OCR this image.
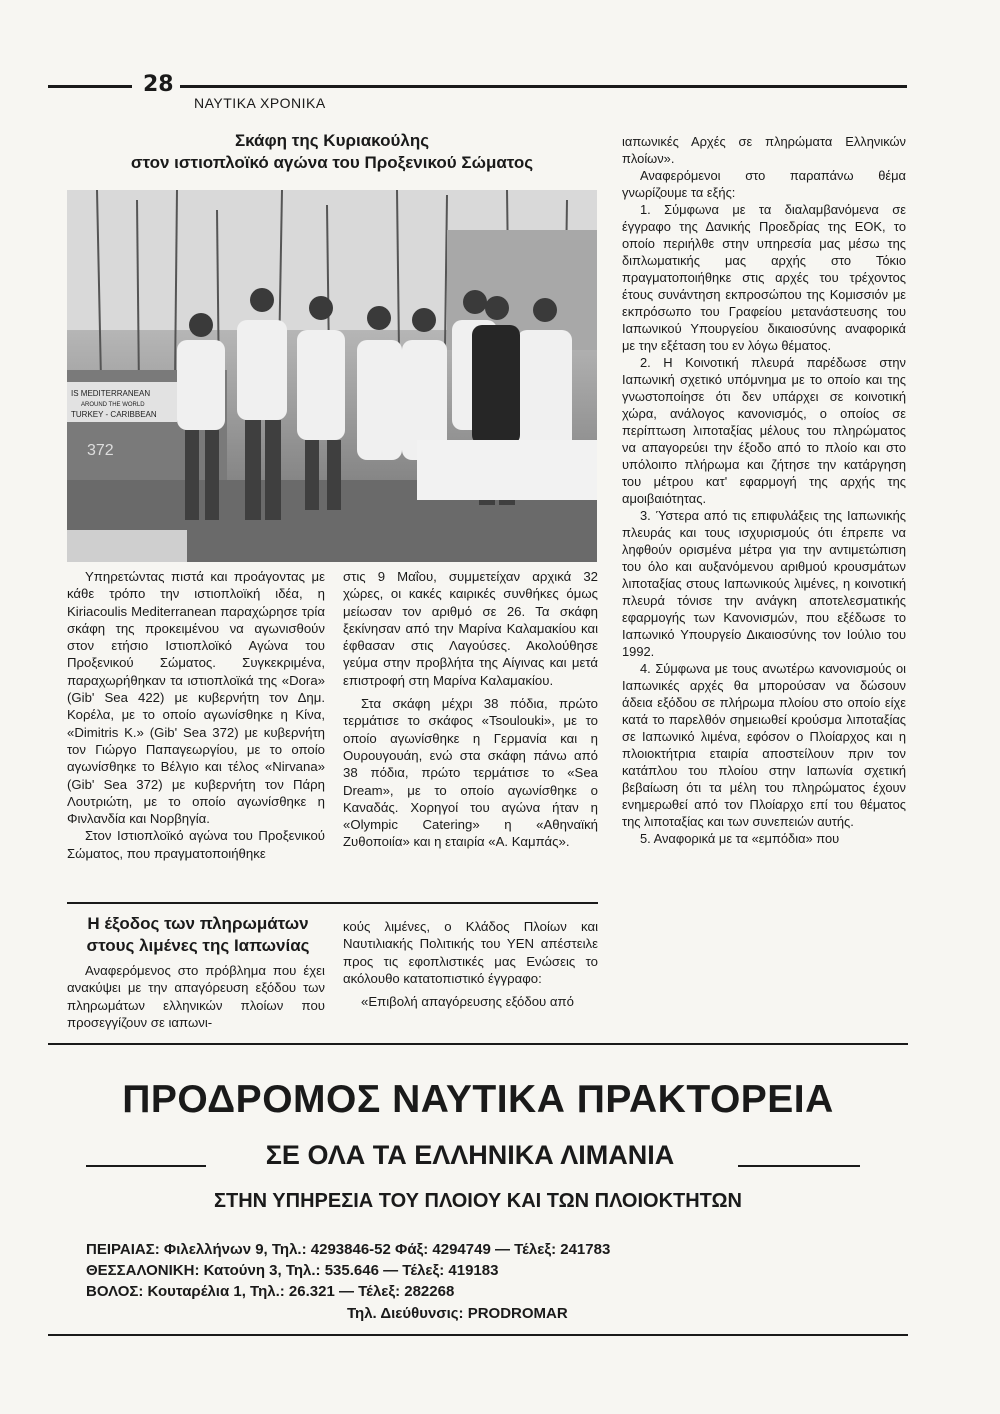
28
ΝΑΥΤΙΚΑ ΧΡΟΝΙΚΑ
Σκάφη της Κυριακούλης
στον ιστιοπλοϊκό αγώνα του Προξενικού Σώματος
IS MEDITERRANEAN
AROUND THE WORLD
TURKEY - CARIBBEAN
372

Υπηρετώντας πιστά και προάγοντας με κάθε τρόπο την ιστιοπλοϊκή ιδέα, η Kiriacoulis Mediterranean παραχώρησε τρία σκάφη της προκειμένου να αγωνισθούν στον ετήσιο Ιστιοπλοϊκό Αγώνα του Προξενικού Σώματος. Συγκεκριμένα, παραχωρήθηκαν τα ιστιοπλοϊκά της «Dora» (Gib' Sea 422) με κυβερνήτη τον Δημ. Κορέλα, με το οποίο αγωνίσθηκε η Κίνα, «Dimitris K.» (Gib' Sea 372) με κυβερνήτη τον Γιώργο Παπαγεωργίου, με το οποίο αγωνίσθηκε το Βέλγιο και τέλος «Nirvana» (Gib' Sea 372) με κυβερνήτη τον Πάρη Λουτριώτη, με το οποίο αγωνίσθηκε η Φινλανδία και Νορβηγία.

Στον Ιστιοπλοϊκό αγώνα του Προξενικού Σώματος, που πραγματοποιήθηκε

στις 9 Μαΐου, συμμετείχαν αρχικά 32 χώρες, οι κακές καιρικές συνθήκες όμως μείωσαν τον αριθμό σε 26. Τα σκάφη ξεκίνησαν από την Μαρίνα Καλαμακίου και έφθασαν στις Λαγούσες. Ακολούθησε γεύμα στην προβλήτα της Αίγινας και μετά επιστροφή στη Μαρίνα Καλαμακίου.

Στα σκάφη μέχρι 38 πόδια, πρώτο τερμάτισε το σκάφος «Tsoulouki», με το οποίο αγωνίσθηκε η Γερμανία και η Ουρουγουάη, ενώ στα σκάφη πάνω από 38 πόδια, πρώτο τερμάτισε το «Sea Dream», με το οποίο αγωνίσθηκε ο Καναδάς. Χορηγοί του αγώνα ήταν η «Olympic Catering» η «Αθηναϊκή Ζυθοποιία» και η εταιρία «Α. Καμπάς».

Η έξοδος των πληρωμάτων
στους λιμένες της Ιαπωνίας

Αναφερόμενος στο πρόβλημα που έχει ανακύψει με την απαγόρευση εξόδου των πληρωμάτων ελληνικών πλοίων που προσεγγίζουν σε ιαπωνι-

κούς λιμένες, ο Κλάδος Πλοίων και Ναυτιλιακής Πολιτικής του ΥΕΝ απέστειλε προς τις εφοπλιστικές μας Ενώσεις το ακόλουθο κατατοπιστικό έγγραφο:

«Επιβολή απαγόρευσης εξόδου από

ιαπωνικές Αρχές σε πληρώματα Ελληνικών πλοίων».

Αναφερόμενοι στο παραπάνω θέμα γνωρίζουμε τα εξής:

1. Σύμφωνα με τα διαλαμβανόμενα σε έγγραφο της Δανικής Προεδρίας της ΕΟΚ, το οποίο περιήλθε στην υπηρεσία μας μέσω της διπλωματικής μας αρχής στο Τόκιο πραγματοποιήθηκε στις αρχές του τρέχοντος έτους συνάντηση εκπροσώπου της Κομισσιόν με εκπρόσωπο του Γραφείου μετανάστευσης του Ιαπωνικού Υπουργείου δικαιοσύνης αναφορικά με την εξέταση του εν λόγω θέματος.

2. Η Κοινοτική πλευρά παρέδωσε στην Ιαπωνική σχετικό υπόμνημα με το οποίο και της γνωστοποίησε ότι δεν υπάρχει σε κοινοτική χώρα, ανάλογος κανονισμός, ο οποίος σε περίπτωση λιποταξίας μέλους του πληρώματος να απαγορεύει την έξοδο από το πλοίο και στο υπόλοιπο πλήρωμα και ζήτησε την κατάργηση του μέτρου κατ' εφαρμογή της αρχής της αμοιβαιότητας.

3. Ύστερα από τις επιφυλάξεις της Ιαπωνικής πλευράς και τους ισχυρισμούς ότι έπρεπε να ληφθούν ορισμένα μέτρα για την αντιμετώπιση του όλο και αυξανόμενου αριθμού κρουσμάτων λιποταξίας στους Ιαπωνικούς λιμένες, η κοινοτική πλευρά τόνισε την ανάγκη αποτελεσματικής εφαρμογής των Κανονισμών, που εξέδωσε το Ιαπωνικό Υπουργείο Δικαιοσύνης τον Ιούλιο του 1992.

4. Σύμφωνα με τους ανωτέρω κανονισμούς οι Ιαπωνικές αρχές θα μπορούσαν να δώσουν άδεια εξόδου σε πλήρωμα πλοίου στο οποίο είχε κατά το παρελθόν σημειωθεί κρούσμα λιποταξίας σε Ιαπωνικό λιμένα, εφόσον ο Πλοίαρχος και η πλοιοκτήτρια εταιρία αποστείλουν πριν τον κατάπλου του πλοίου στην Ιαπωνία σχετική βεβαίωση ότι τα μέλη του πληρώματος έχουν ενημερωθεί από τον Πλοίαρχο επί του θέματος της λιποταξίας και των συνεπειών αυτής.

5. Αναφορικά με τα «εμπόδια» που

ΠΡΟΔΡΟΜΟΣ ΝΑΥΤΙΚΑ ΠΡΑΚΤΟΡΕΙΑ
ΣΕ ΟΛΑ ΤΑ ΕΛΛΗΝΙΚΑ ΛΙΜΑΝΙΑ
ΣΤΗΝ ΥΠΗΡΕΣΙΑ ΤΟΥ ΠΛΟΙΟΥ ΚΑΙ ΤΩΝ ΠΛΟΙΟΚΤΗΤΩΝ
ΠΕΙΡΑΙΑΣ: Φιλελλήνων 9, Τηλ.: 4293846-52 Φάξ: 4294749 — Τέλεξ: 241783
ΘΕΣΣΑΛΟΝΙΚΗ: Κατούνη 3, Τηλ.: 535.646 — Τέλεξ: 419183
ΒΟΛΟΣ: Κουταρέλια 1, Τηλ.: 26.321 — Τέλεξ: 282268
Τηλ. Διεύθυνσις: PRODROMAR
